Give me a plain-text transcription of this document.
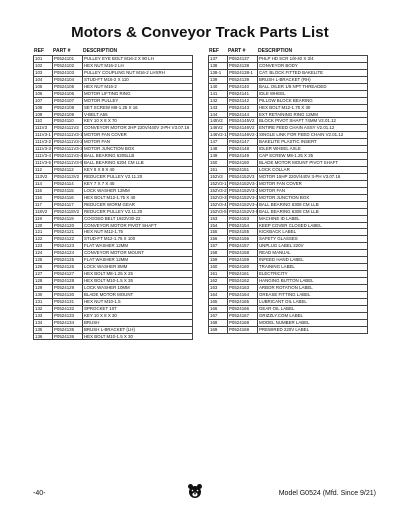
Motors & Conveyor Track Parts List
REF	PART #	DESCRIPTION
101	P0524101	PULLEY EYE BOLT M16-2 X 90 LH
102	P0524102	HEX NUT M16-2 LH
103	P0524103	PULLEY COUPLING NUT M16-2 LHXRH
104	P0524104	STUD-FT M16-2 X 110
105	P0524105	HEX NUT M16-2
106	P0524106	MOTOR LIFTING RING
107	P0524107	MOTOR PULLEY
108	P0524108	SET SCREW M8-1.25 X 16
109	P0524109	V-BELT A55
110	P0524110	KEY 10 X 8 X 70
111V3	P0524111V3	CONVEYOR MOTOR 2HP 220V/440V 3-PH V3.07.16
111V3-1 P0524111V3-1 MOTOR FAN COVER
111V3-2 P0524111V3-2 MOTOR FAN
111V3-3 P0524111V3-3 MOTOR JUNCTION BOX
111V3-4 P0524111V3-4 BALL BEARING 6205LLB
111V3-5 P0524111V3-5 BALL BEARING 6204 CM LLB
112	P0524112	KEY 8 X 8 X 40
113V2	P0524113V2	REDUCER PULLEY V2.11.20
114	P0524114	KEY 7 X 7 X 45
115	P0524115	LOCK WASHER 12MM
116	P0524116	HEX BOLT M12-1.75 X 40
117	P0524117	REDUCER WORM GEAR
118V2	P0524118V2	REDUCER PULLEY V2.11.20
119	P0524119	COGGED BELT 1922V30-22
120	P0524120	CONVEYOR MOTOR PIVOT SHAFT
121	P0524121	HEX NUT M12-1.75
122	P0524122	STUD-FT M12-1.75 X 100
123	P0524123	FLAT WASHER 12MM
124	P0524124	CONVEYOR MOTOR MOUNT
125	P0524125	FLAT WASHER 12MM
126	P0524126	LOCK WASHER 8MM
127	P0524127	HEX BOLT M8-1.25 X 25
128	P0524128	HEX BOLT M10-1.5 X 35
129	P0524129	LOCK WASHER 10MM
130	P0524130	BLADE MOTOR MOUNT
131	P0524131	HEX NUT M10-1.5
132	P0524132	SPROCKET 10T
133	P0524133	KEY 10 X 8 X 30
134	P0524134	BRUSH
135	P0524135	BRUSH L-BRACKET (LH)
136	P0524136	HEX BOLT M10-1.5 X 30
REF	PART #	DESCRIPTION
137	P0524137	PHLP HD SCR 1/8-40 X 3/4
138	P0524138	CONVEYOR BODY
138-1	P0524138-1	CAT. BLOCK FITTED BAKELITE
139	P0524139	BRUSH L-BRACKET (RH)
140	P0524140	BALL OILER 1/8 NPT THREADED
141	P0524141	IDLE WHEEL
142	P0524142	PILLOW BLOCK BEARING
143	P0524143	HEX BOLT M12-1.75 X 30
144	P0524144	EXT RETAINING RING 12MM
145V2	P0524145V2	BLOCK PIVOT SHAFT 74MM V2.01.12
146V2	P0524146V2	ENTIRE FEED CHAIN ASSY V2.01.12
146V2-1 P0524146V2-1 SINGLE LINK FOR FEED CHAIN V2.01.12
147	P0524147	BAKELITE PLASTIC INSERT
148	P0524148	IDLER WHEEL AXLE
149	P0524149	CAP SCREW M8-1.25 X 25
150	P0524150	BLADE MOTOR MOUNT PIVOT SHAFT
151	P0524151	LOCK COLLAR
152V3	P0524152V3	MOTOR 15HP 220V/440V 3-PH V3.07.16
152V3-1 P0524152V3-1 MOTOR FAN COVER
152V3-2 P0524152V3-2 MOTOR FAN
152V3-3 P0524152V3-3 MOTOR JUNCTION BOX
152V3-4 P0524152V3-4 BALL BEARING 6308 CM LLB
152V3-5 P0524152V3-5 BALL BEARING 6308 CM LLB
153	P0524153	MACHINE ID LABEL
154	P0524154	KEEP COVER CLOSED LABEL
155	P0524155	KICKBACK LABEL
156	P0524156	SAFETY GLASSES
157	P0524157	UNPLUG LABEL 220V
158	P0524158	READ MANUAL
159	P0524159	INFEED HAND LABEL
160	P0524160	TRAINING LABEL
161	P0524161	ELECTRICITY
162	P0524162	HANGING BUTTON LABEL
163	P0524163	ARBOR ROTATION LABEL
164	P0524164	GREASE FITTING LABEL
165	P0524165	LUBRICANT OIL LABEL
166	P0524166	GEAR OIL LABEL
167	P0524167	GRIZZLY.COM LABEL
168	P0524168	MODEL NUMBER LABEL
169	P0524169	PREWIRED 220V LABEL
-40-	Model G0524 (Mfd. Since 9/21)
